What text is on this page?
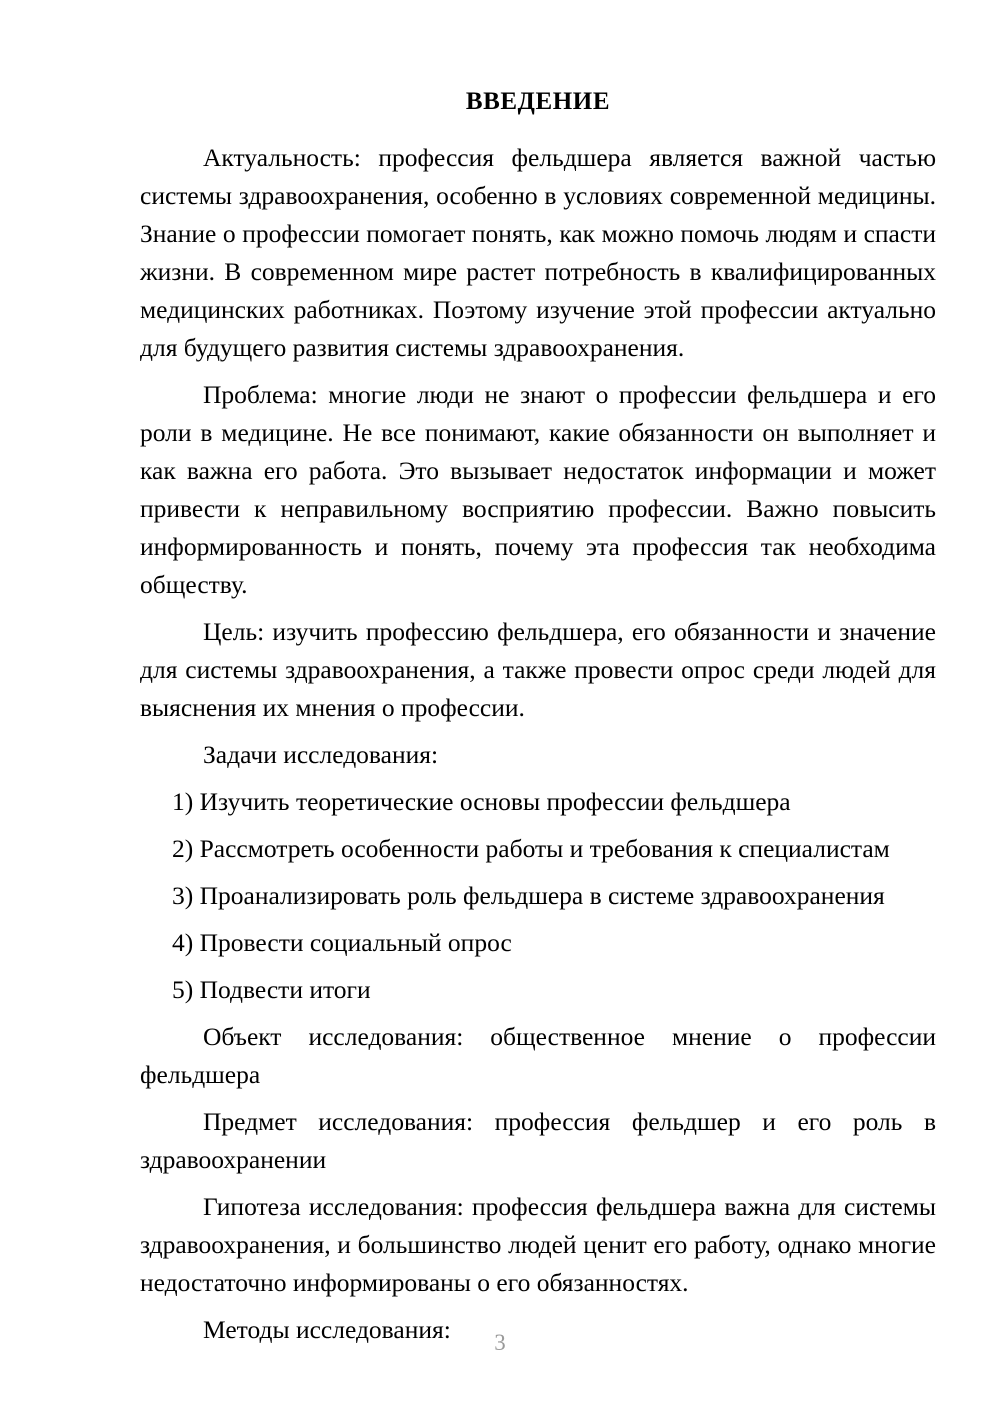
ВВЕДЕНИЕ

Актуальность: профессия фельдшера является важной частью системы здравоохранения, особенно в условиях современной медицины. Знание о профессии помогает понять, как можно помочь людям и спасти жизни. В современном мире растет потребность в квалифицированных медицинских работниках. Поэтому изучение этой профессии актуально для будущего развития системы здравоохранения.

Проблема: многие люди не знают о профессии фельдшера и его роли в медицине. Не все понимают, какие обязанности он выполняет и как важна его работа. Это вызывает недостаток информации и может привести к неправильному восприятию профессии. Важно повысить информированность и понять, почему эта профессия так необходима обществу.

Цель: изучить профессию фельдшера, его обязанности и значение для системы здравоохранения, а также провести опрос среди людей для выяснения их мнения о профессии.

Задачи исследования:

1) Изучить теоретические основы профессии фельдшера
2) Рассмотреть особенности работы и требования к специалистам
3) Проанализировать роль фельдшера в системе здравоохранения
4) Провести социальный опрос
5) Подвести итоги

Объект исследования: общественное мнение о профессии фельдшера

Предмет исследования: профессия фельдшер и его роль в здравоохранении

Гипотеза исследования: профессия фельдшера важна для системы здравоохранения, и большинство людей ценит его работу, однако многие недостаточно информированы о его обязанностях.

Методы исследования:	3
